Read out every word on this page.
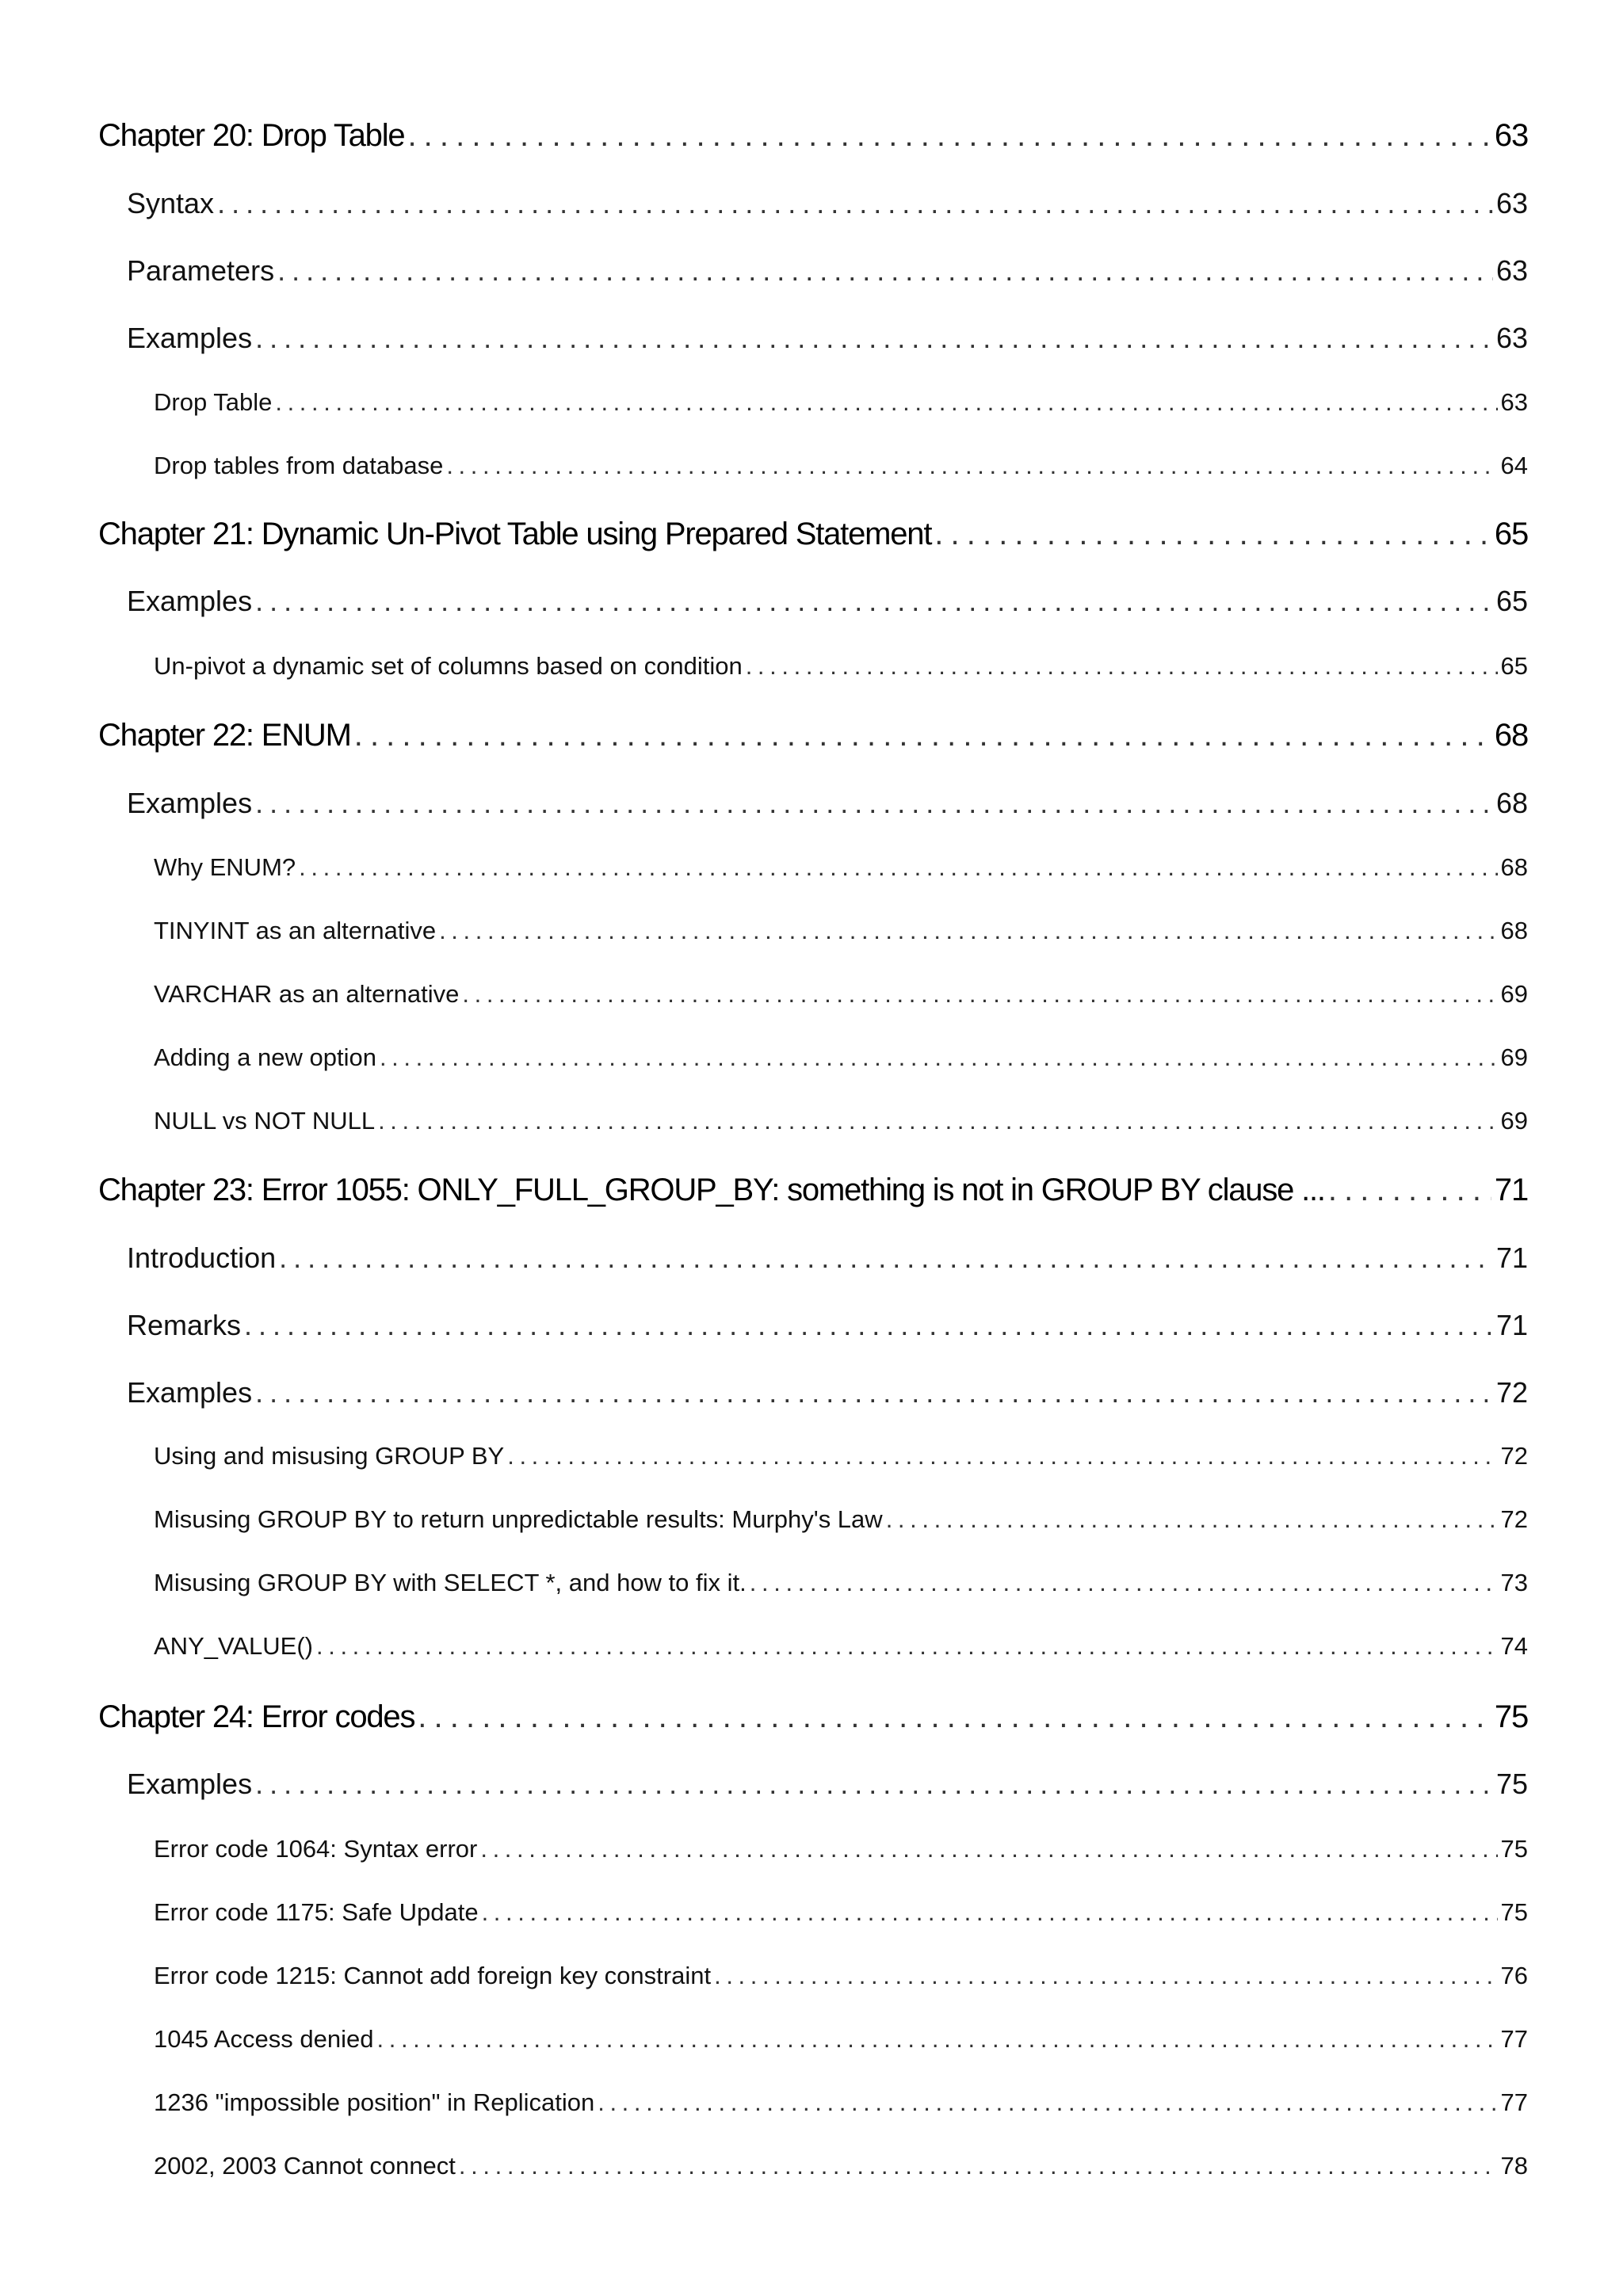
Chapter 20: Drop Table . . .	63
Syntax . . .	63
Parameters . . .	63
Examples . . .	63
Drop Table . . .	63
Drop tables from database . . .	64
Chapter 21: Dynamic Un-Pivot Table using Prepared Statement . . .	65
Examples . . .	65
Un-pivot a dynamic set of columns based on condition . . .	65
Chapter 22: ENUM . . .	68
Examples . . .	68
Why ENUM? . . .	68
TINYINT as an alternative . . .	68
VARCHAR as an alternative . . .	69
Adding a new option . . .	69
NULL vs NOT NULL . . .	69
Chapter 23: Error 1055: ONLY_FULL_GROUP_BY: something is not in GROUP BY clause ... . . .	71
Introduction . . .	71
Remarks . . .	71
Examples . . .	72
Using and misusing GROUP BY . . .	72
Misusing GROUP BY to return unpredictable results: Murphy's Law . . .	72
Misusing GROUP BY with SELECT *, and how to fix it. . . .	73
ANY_VALUE() . . .	74
Chapter 24: Error codes . . .	75
Examples . . .	75
Error code 1064: Syntax error . . .	75
Error code 1175: Safe Update . . .	75
Error code 1215: Cannot add foreign key constraint . . .	76
1045 Access denied . . .	77
1236 "impossible position" in Replication . . .	77
2002, 2003 Cannot connect . . .	78
